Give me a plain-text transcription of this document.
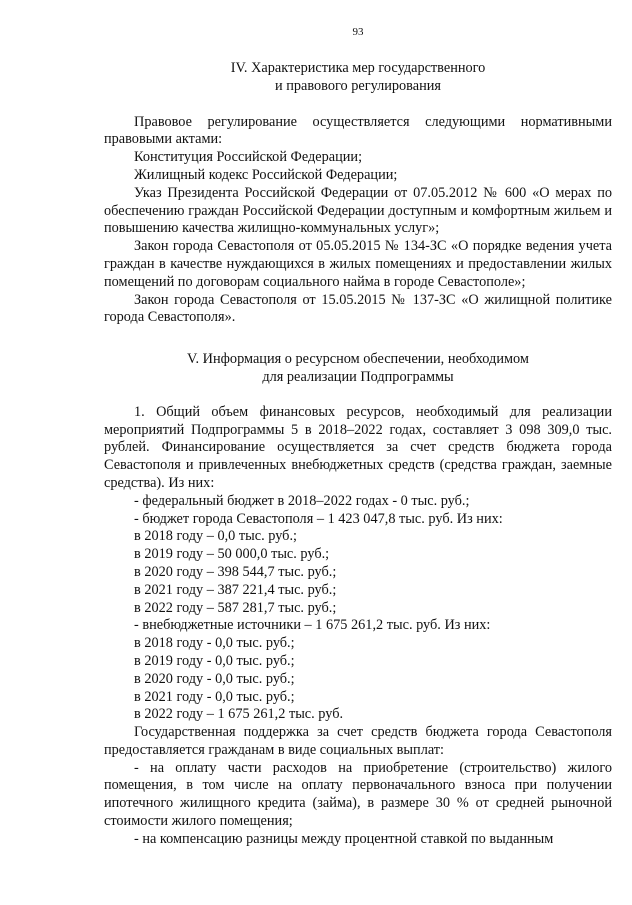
93
IV. Характеристика мер государственного
и правового регулирования

Правовое регулирование осуществляется следующими нормативными правовыми актами:

Конституция Российской Федерации;
Жилищный кодекс Российской Федерации;

Указ Президента Российской Федерации от 07.05.2012 № 600 «О мерах по обеспечению граждан Российской Федерации доступным и комфортным жильем и повышению качества жилищно-коммунальных услуг»;

Закон города Севастополя от 05.05.2015 № 134-ЗС «О порядке ведения учета граждан в качестве нуждающихся в жилых помещениях и предоставлении жилых помещений по договорам социального найма в городе Севастополе»;

Закон города Севастополя от 15.05.2015 № 137-ЗС «О жилищной политике города Севастополя».

V. Информация о ресурсном обеспечении, необходимом
для реализации Подпрограммы

1. Общий объем финансовых ресурсов, необходимый для реализации мероприятий Подпрограммы 5 в 2018–2022 годах, составляет 3 098 309,0 тыс. рублей. Финансирование осуществляется за счет средств бюджета города Севастополя и привлеченных внебюджетных средств (средства граждан, заемные средства). Из них:

- федеральный бюджет в 2018–2022 годах - 0 тыс. руб.;
- бюджет города Севастополя – 1 423 047,8 тыс. руб. Из них:
в 2018 году – 0,0 тыс. руб.;
в 2019 году – 50 000,0 тыс. руб.;
в 2020 году – 398 544,7 тыс. руб.;
в 2021 году – 387 221,4 тыс. руб.;
в 2022 году – 587 281,7 тыс. руб.;
- внебюджетные источники – 1 675 261,2 тыс. руб. Из них:
в 2018 году - 0,0 тыс. руб.;
в 2019 году - 0,0 тыс. руб.;
в 2020 году - 0,0 тыс. руб.;
в 2021 году - 0,0 тыс. руб.;
в 2022 году – 1 675 261,2 тыс. руб.

Государственная поддержка за счет средств бюджета города Севастополя предоставляется гражданам в виде социальных выплат:

- на оплату части расходов на приобретение (строительство) жилого помещения, в том числе на оплату первоначального взноса при получении ипотечного жилищного кредита (займа), в размере 30 % от средней рыночной стоимости жилого помещения;

- на компенсацию разницы между процентной ставкой по выданным
